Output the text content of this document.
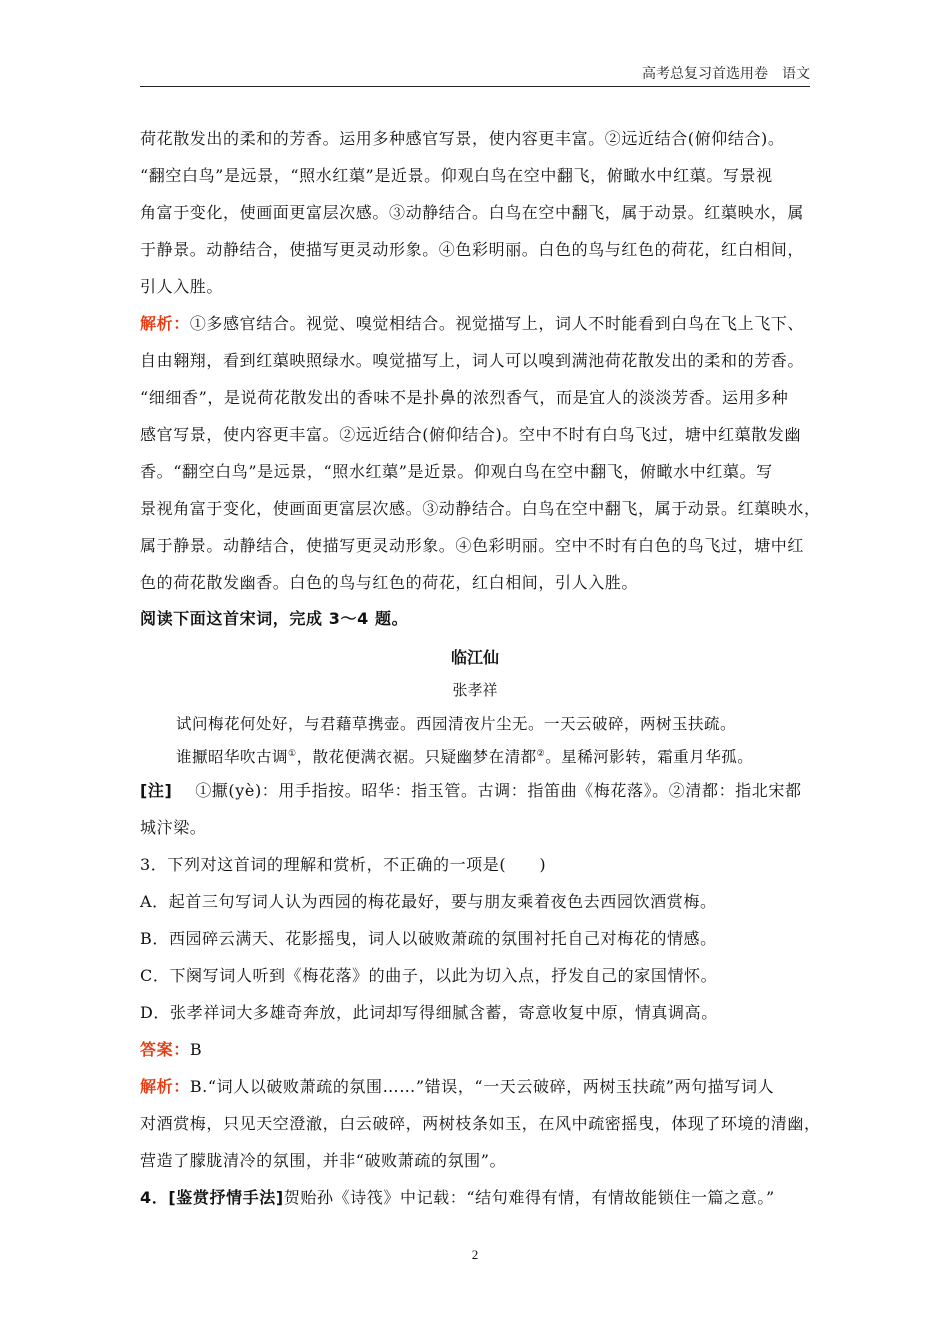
高考总复习首选用卷 语文
荷花散发出的柔和的芳香。运用多种感官写景，使内容更丰富。②远近结合(俯仰结合)。
“翻空白鸟”是远景，“照水红蕖”是近景。仰观白鸟在空中翻飞，俯瞰水中红蕖。写景视
角富于变化，使画面更富层次感。③动静结合。白鸟在空中翻飞，属于动景。红蕖映水，属
于静景。动静结合，使描写更灵动形象。④色彩明丽。白色的鸟与红色的荷花，红白相间，
引人入胜。
解析：①多感官结合。视觉、嗅觉相结合。视觉描写上，词人不时能看到白鸟在飞上飞下、
自由翱翔，看到红蕖映照绿水。嗅觉描写上，词人可以嗅到满池荷花散发出的柔和的芳香。
“细细香”，是说荷花散发出的香味不是扑鼻的浓烈香气，而是宜人的淡淡芳香。运用多种
感官写景，使内容更丰富。②远近结合(俯仰结合)。空中不时有白鸟飞过，塘中红蕖散发幽
香。“翻空白鸟”是远景，“照水红蕖”是近景。仰观白鸟在空中翻飞，俯瞰水中红蕖。写
景视角富于变化，使画面更富层次感。③动静结合。白鸟在空中翻飞，属于动景。红蕖映水，
属于静景。动静结合，使描写更灵动形象。④色彩明丽。空中不时有白色的鸟飞过，塘中红
色的荷花散发幽香。白色的鸟与红色的荷花，红白相间，引人入胜。
阅读下面这首宋词，完成 3～4 题。
临江仙
张孝祥
试问梅花何处好，与君藉草携壶。西园清夜片尘无。一天云破碎，两树玉扶疏。
谁擫昭华吹古调①，散花便满衣裾。只疑幽梦在清都②。星稀河影转，霜重月华孤。
[注] ①擫(yè)：用手指按。昭华：指玉管。古调：指笛曲《梅花落》。②清都：指北宋都
城汴梁。
3．下列对这首词的理解和赏析，不正确的一项是(　　)
A．起首三句写词人认为西园的梅花最好，要与朋友乘着夜色去西园饮酒赏梅。
B．西园碎云满天、花影摇曳，词人以破败萧疏的氛围衬托自己对梅花的情感。
C．下阕写词人听到《梅花落》的曲子，以此为切入点，抒发自己的家国情怀。
D．张孝祥词大多雄奇奔放，此词却写得细腻含蓄，寄意收复中原，情真调高。
答案：B
解析：B.“词人以破败萧疏的氛围……”错误，“一天云破碎，两树玉扶疏”两句描写词人
对酒赏梅，只见天空澄澈，白云破碎，两树枝条如玉，在风中疏密摇曳，体现了环境的清幽，
营造了朦胧清冷的氛围，并非“破败萧疏的氛围”。
4．[鉴赏抒情手法]贺贻孙《诗筏》中记载：“结句难得有情，有情故能锁住一篇之意。”
2
